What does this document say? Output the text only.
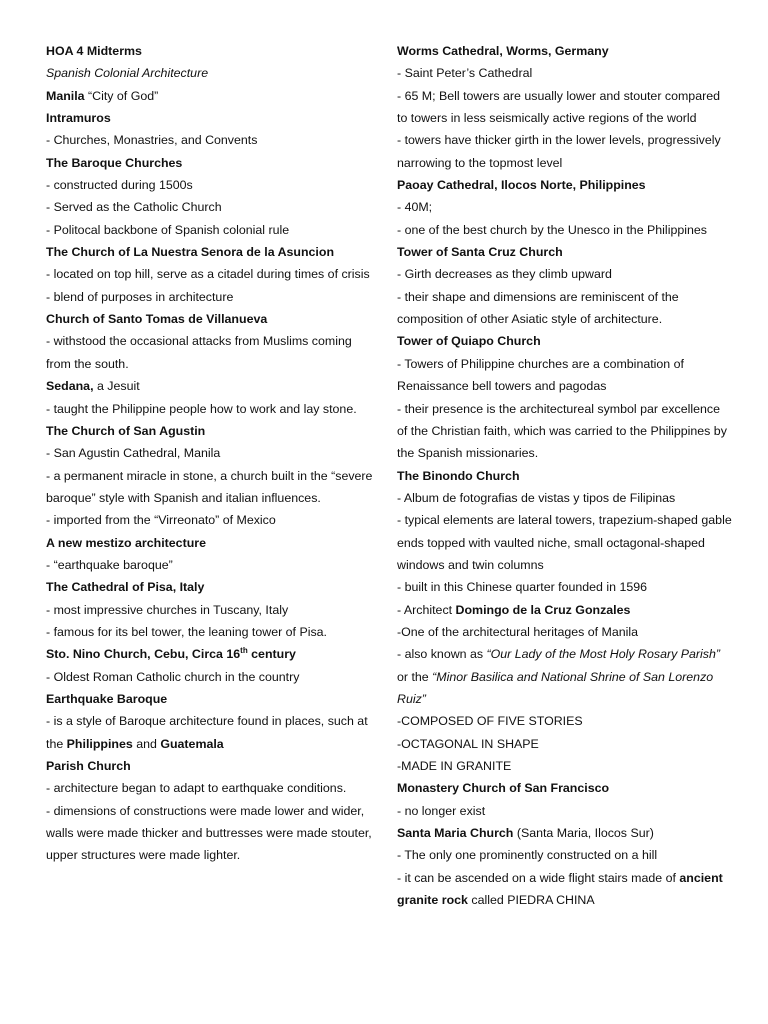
HOA 4 Midterms

Spanish Colonial Architecture

Manila “City of God”

Intramuros

- Churches, Monastries, and Convents

The Baroque Churches

- constructed during 1500s

- Served as the Catholic Church

- Politocal backbone of Spanish colonial rule

The Church of La Nuestra Senora de la Asuncion

- located on top hill, serve as a citadel during times of crisis

- blend of purposes in architecture

Church of Santo Tomas de Villanueva

- withstood the occasional attacks from Muslims coming from the south.

Sedana, a Jesuit

- taught the Philippine people how to work and lay stone.

The Church of San Agustin

- San Agustin Cathedral, Manila

- a permanent miracle in stone, a church built in the “severe baroque” style with Spanish and italian influences.

- imported from the “Virreonato” of Mexico

A new mestizo architecture

- “earthquake baroque”

The Cathedral of Pisa, Italy

- most impressive churches in Tuscany, Italy

- famous for its bel tower, the leaning tower of Pisa.

Sto. Nino Church, Cebu, Circa 16th century

- Oldest Roman Catholic church in the country

Earthquake Baroque

- is a style of Baroque architecture found in places, such at the Philippines and Guatemala

Parish Church

- architecture began to adapt to earthquake conditions.

- dimensions of constructions were made lower and wider, walls were made thicker and buttresses were made stouter, upper structures were made lighter.

Worms Cathedral, Worms, Germany

- Saint Peter’s Cathedral

- 65 M; Bell towers are usually lower and stouter compared to towers in less seismically active regions of the world

- towers have thicker girth in the lower levels, progressively narrowing to the topmost level

Paoay Cathedral, Ilocos Norte, Philippines

- 40M;

- one of the best church by the Unesco in the Philippines

Tower of Santa Cruz Church

- Girth decreases as they climb upward

- their shape and dimensions are reminiscent of the composition of other Asiatic style of architecture.

Tower of Quiapo Church

- Towers of Philippine churches are a combination of Renaissance bell towers and pagodas

- their presence is the architectureal symbol par excellence of the Christian faith, which was carried to the Philippines by the Spanish missionaries.

The Binondo Church

- Album de fotografias de vistas y tipos de Filipinas

- typical elements are lateral towers, trapezium-shaped gable ends topped with vaulted niche, small octagonal-shaped windows and twin columns

- built in this Chinese quarter founded in 1596

- Architect Domingo de la Cruz Gonzales

-One of the architectural heritages of Manila

- also known as “Our Lady of the Most Holy Rosary Parish” or the “Minor Basilica and National Shrine of San Lorenzo Ruiz”

-COMPOSED OF FIVE STORIES

-OCTAGONAL IN SHAPE

-MADE IN GRANITE

Monastery Church of San Francisco

- no longer exist

Santa Maria Church (Santa Maria, Ilocos Sur)

- The only one prominently constructed on a hill

- it can be ascended on a wide flight stairs made of ancient granite rock called PIEDRA CHINA
